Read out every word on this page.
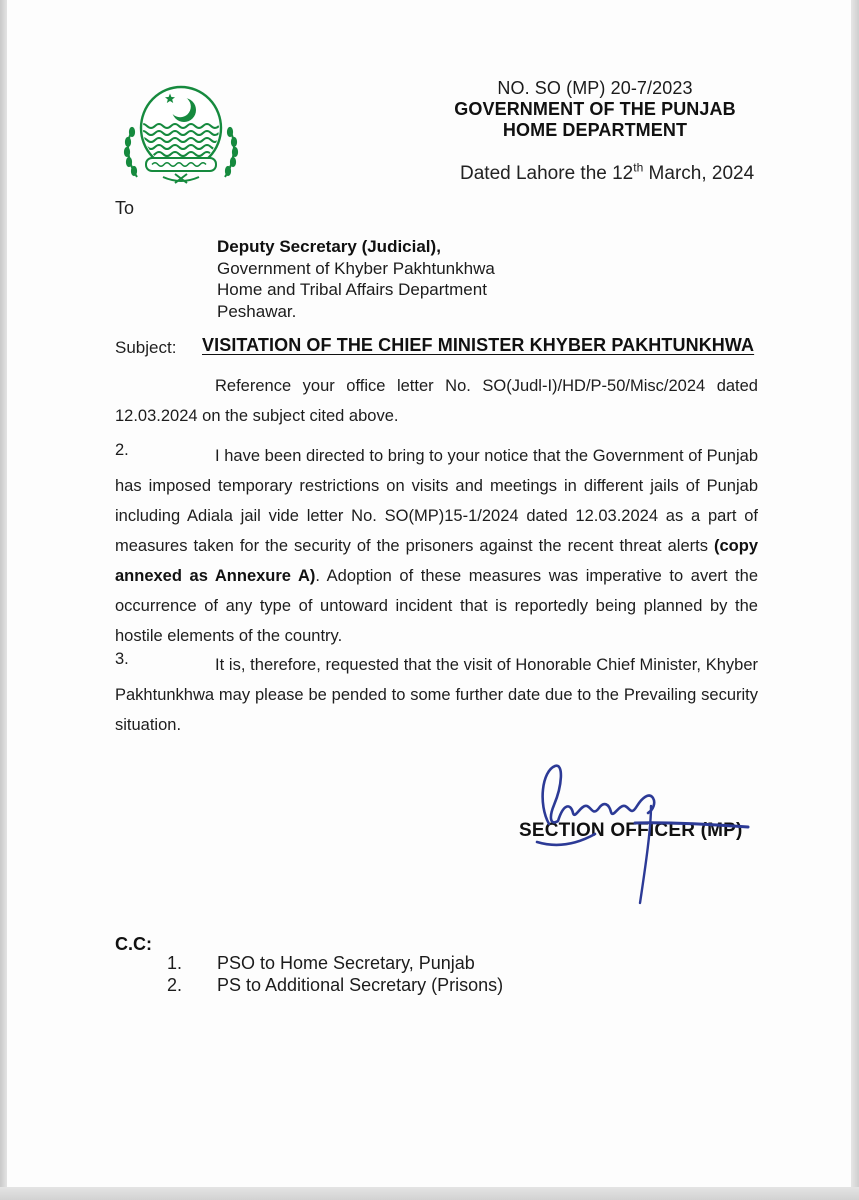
NO. SO (MP) 20-7/2023
GOVERNMENT OF THE PUNJAB
HOME DEPARTMENT
Dated Lahore the 12th March, 2024
To
Deputy Secretary (Judicial),
Government of Khyber Pakhtunkhwa
Home and Tribal Affairs Department
Peshawar.
Subject: VISITATION OF THE CHIEF MINISTER KHYBER PAKHTUNKHWA
Reference your office letter No. SO(Judl-I)/HD/P-50/Misc/2024 dated 12.03.2024 on the subject cited above.
2.	I have been directed to bring to your notice that the Government of Punjab has imposed temporary restrictions on visits and meetings in different jails of Punjab including Adiala jail vide letter No. SO(MP)15-1/2024 dated 12.03.2024 as a part of measures taken for the security of the prisoners against the recent threat alerts (copy annexed as Annexure A). Adoption of these measures was imperative to avert the occurrence of any type of untoward incident that is reportedly being planned by the hostile elements of the country.
3.	It is, therefore, requested that the visit of Honorable Chief Minister, Khyber Pakhtunkhwa may please be pended to some further date due to the Prevailing security situation.
SECTION OFFICER (MP)
C.C:
1. PSO to Home Secretary, Punjab
2. PS to Additional Secretary (Prisons)
